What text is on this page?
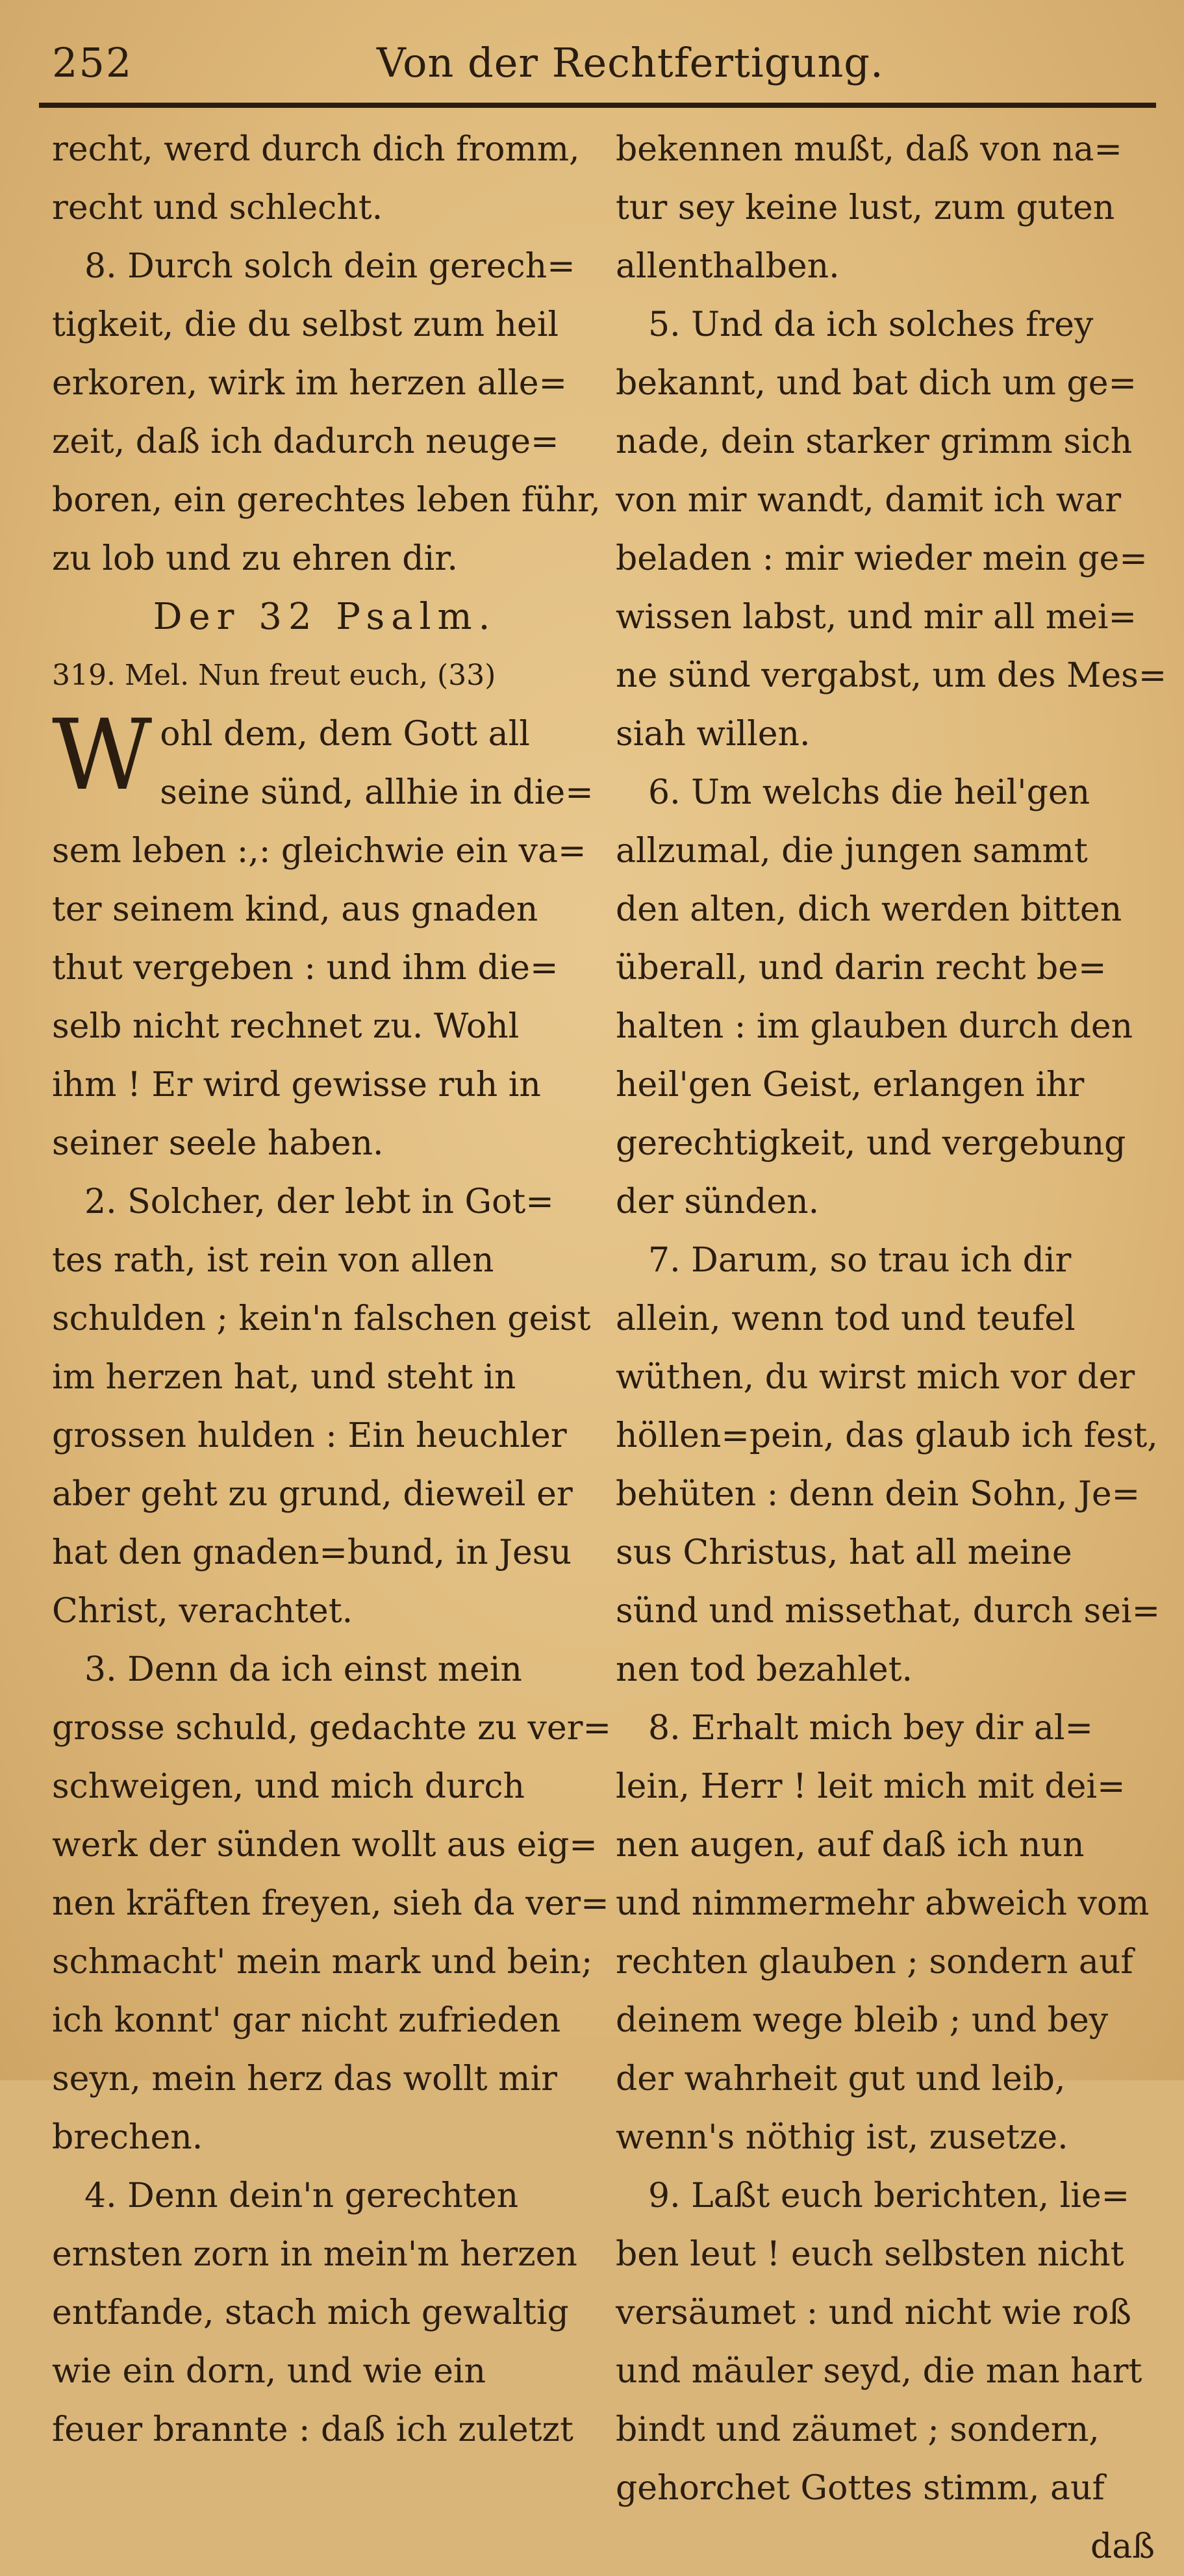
252	Von der Rechtfertigung.
recht, werd durch dich fromm,
recht und schlecht.
8. Durch solch dein gerech=
tigkeit, die du selbst zum heil
erkoren, wirk im herzen alle=
zeit, daß ich dadurch neuge=
boren, ein gerechtes leben führ,
zu lob und zu ehren dir.
Der 32 Psalm.
319. Mel. Nun freut euch, (33)
W ohl dem, dem Gott all
seine sünd, allhie in die=
sem leben :,: gleichwie ein va=
ter seinem kind, aus gnaden
thut vergeben : und ihm die=
selb nicht rechnet zu. Wohl
ihm ! Er wird gewisse ruh in
seiner seele haben.
2. Solcher, der lebt in Got=
tes rath, ist rein von allen
schulden ; kein'n falschen geist
im herzen hat, und steht in
grossen hulden : Ein heuchler
aber geht zu grund, dieweil er
hat den gnaden=bund, in Jesu
Christ, verachtet.
3. Denn da ich einst mein
grosse schuld, gedachte zu ver=
schweigen, und mich durch
werk der sünden wollt aus eig=
nen kräften freyen, sieh da ver=
schmacht' mein mark und bein;
ich konnt' gar nicht zufrieden
seyn, mein herz das wollt mir
brechen.
4. Denn dein'n gerechten
ernsten zorn in mein'm herzen
entfande, stach mich gewaltig
wie ein dorn, und wie ein
feuer brannte : daß ich zuletzt
bekennen mußt, daß von na=
tur sey keine lust, zum guten
allenthalben.
5. Und da ich solches frey
bekannt, und bat dich um ge=
nade, dein starker grimm sich
von mir wandt, damit ich war
beladen : mir wieder mein ge=
wissen labst, und mir all mei=
ne sünd vergabst, um des Mes=
siah willen.
6. Um welchs die heil'gen
allzumal, die jungen sammt
den alten, dich werden bitten
überall, und darin recht be=
halten : im glauben durch den
heil'gen Geist, erlangen ihr
gerechtigkeit, und vergebung
der sünden.
7. Darum, so trau ich dir
allein, wenn tod und teufel
wüthen, du wirst mich vor der
höllen=pein, das glaub ich fest,
behüten : denn dein Sohn, Je=
sus Christus, hat all meine
sünd und missethat, durch sei=
nen tod bezahlet.
8. Erhalt mich bey dir al=
lein, Herr ! leit mich mit dei=
nen augen, auf daß ich nun
und nimmermehr abweich vom
rechten glauben ; sondern auf
deinem wege bleib ; und bey
der wahrheit gut und leib,
wenn's nöthig ist, zusetze.
9. Laßt euch berichten, lie=
ben leut ! euch selbsten nicht
versäumet : und nicht wie roß
und mäuler seyd, die man hart
bindt und zäumet ; sondern,
gehorchet Gottes stimm, auf
daß
